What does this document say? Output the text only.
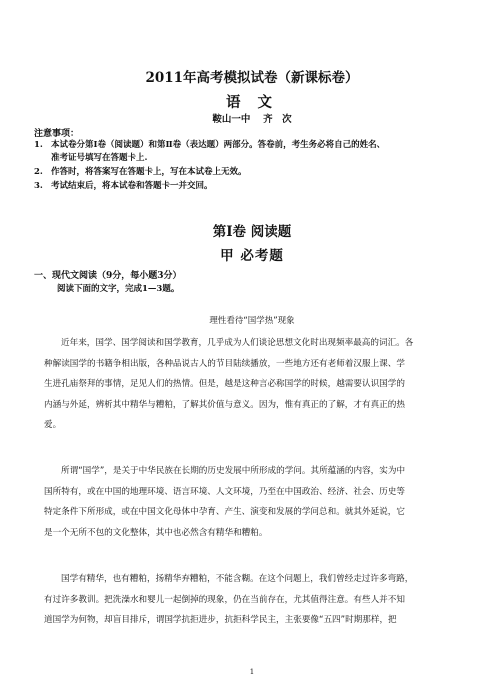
2011年高考模拟试卷（新课标卷）
语 文
鞍山一中　 齐　次
注意事项：
1. 本试卷分第Ⅰ卷（阅读题）和第Ⅱ卷（表达题）两部分。答卷前，考生务必将自己的姓名、
准考证号填写在答题卡上.
2. 作答时，将答案写在答题卡上，写在本试卷上无效。
3. 考试结束后，将本试卷和答题卡一并交回。
第Ⅰ卷 阅读题
甲 必考题
一、现代文阅读（9分，每小题3分）
阅读下面的文字，完成1—3题。
理性看待“国学热”现象
近年来，国学、国学阅读和国学教育，几乎成为人们谈论思想文化时出现频率最高的词汇。各
种解读国学的书籍争相出版，各种品说古人的节目陆续播放，一些地方还有老师着汉服上课、学
生进孔庙祭拜的事情，足见人们的热情。但是，越是这种言必称国学的时候，越需要认识国学的
内涵与外延，辨析其中精华与糟粕，了解其价值与意义。因为，惟有真正的了解，才有真正的热
爱。
所谓“国学”，是关于中华民族在长期的历史发展中所形成的学问。其所蕴涵的内容，实为中
国所特有，或在中国的地理环境、语言环境、人文环境，乃至在中国政治、经济、社会、历史等
特定条件下所形成，或在中国文化母体中孕育、产生、演变和发展的学问总和。就其外延说，它
是一个无所不包的文化整体，其中也必然含有精华和糟粕。
国学有精华，也有糟粕，扬精华弃糟粕，不能含糊。在这个问题上，我们曾经走过许多弯路，
有过许多教训。把洗澡水和婴儿一起倒掉的现象，仍在当前存在，尤其值得注意。有些人并不知
道国学为何物，却盲目排斥，谓国学抗拒进步，抗拒科学民主，主张要像“五四”时期那样，把
1
